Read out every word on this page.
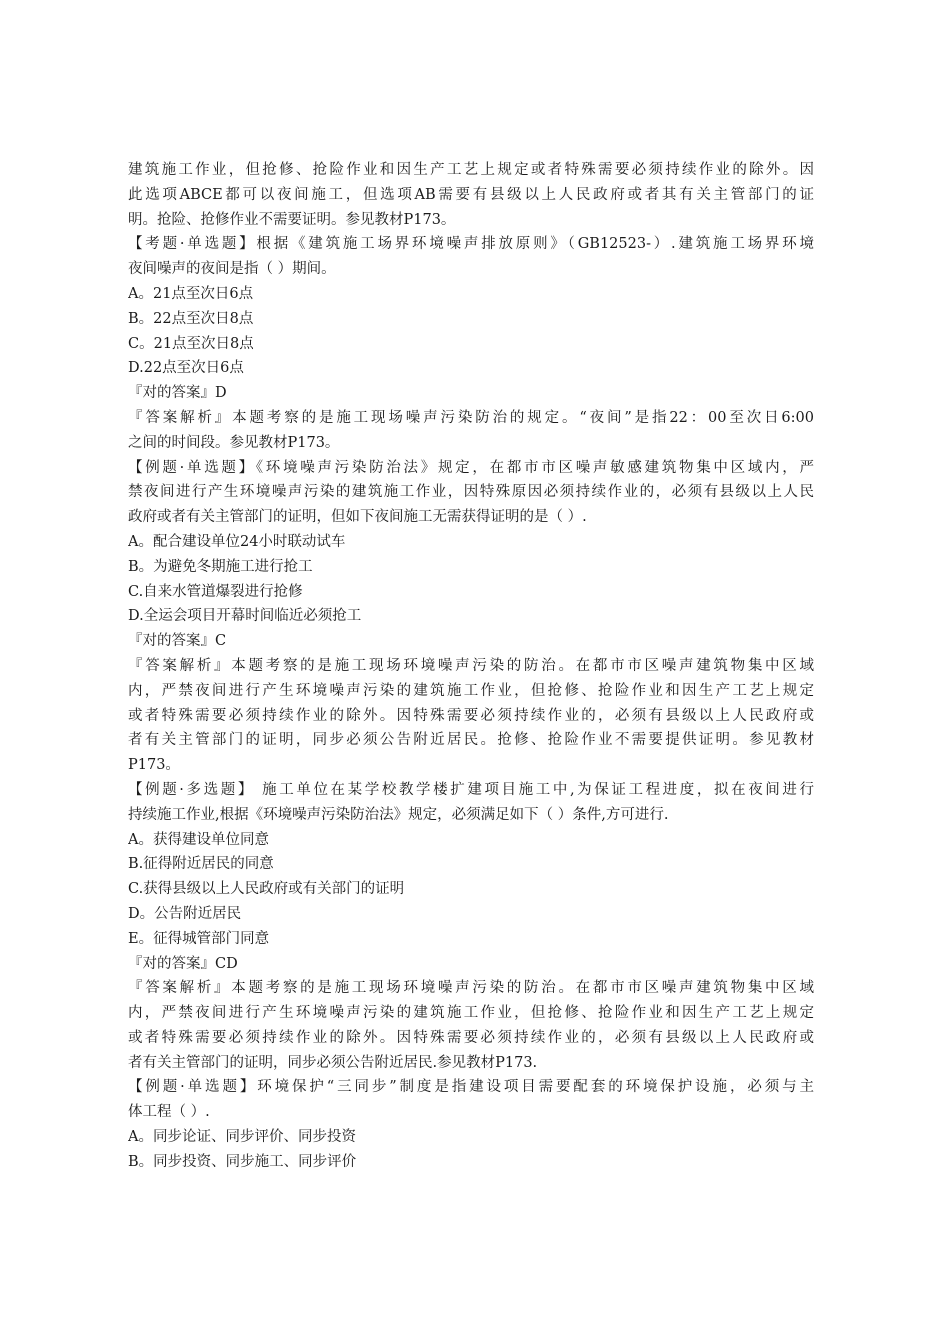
建筑施工作业，但抢修、抢险作业和因生产工艺上规定或者特殊需要必须持续作业的除外。因
此选项ABCE都可以夜间施工，但选项AB需要有县级以上人民政府或者其有关主管部门的证
明。抢险、抢修作业不需要证明。参见教材P173。
【考题·单选题】根据《建筑施工场界环境噪声排放原则》（GB12523-）.建筑施工场界环境
夜间噪声的夜间是指（ ）期间。
A。21点至次日6点
B。22点至次日8点
C。21点至次日8点
D.22点至次日6点
『对的答案』D
『答案解析』本题考察的是施工现场噪声污染防治的规定。“夜间”是指22：00至次日6:00
之间的时间段。参见教材P173。
【例题·单选题】《环境噪声污染防治法》规定，在都市市区噪声敏感建筑物集中区域内，严
禁夜间进行产生环境噪声污染的建筑施工作业，因特殊原因必须持续作业的，必须有县级以上人民
政府或者有关主管部门的证明，但如下夜间施工无需获得证明的是（ ）.
A。配合建设单位24小时联动试车
B。为避免冬期施工进行抢工
C.自来水管道爆裂进行抢修
D.全运会项目开幕时间临近必须抢工
『对的答案』C
『答案解析』本题考察的是施工现场环境噪声污染的防治。在都市市区噪声建筑物集中区域
内，严禁夜间进行产生环境噪声污染的建筑施工作业，但抢修、抢险作业和因生产工艺上规定
或者特殊需要必须持续作业的除外。因特殊需要必须持续作业的，必须有县级以上人民政府或
者有关主管部门的证明，同步必须公告附近居民。抢修、抢险作业不需要提供证明。参见教材
P173。
【例题·多选题】 施工单位在某学校教学楼扩建项目施工中,为保证工程进度，拟在夜间进行
持续施工作业,根据《环境噪声污染防治法》规定，必须满足如下（ ）条件,方可进行.
A。获得建设单位同意
B.征得附近居民的同意
C.获得县级以上人民政府或有关部门的证明
D。公告附近居民
E。征得城管部门同意
『对的答案』CD
『答案解析』本题考察的是施工现场环境噪声污染的防治。在都市市区噪声建筑物集中区域
内，严禁夜间进行产生环境噪声污染的建筑施工作业，但抢修、抢险作业和因生产工艺上规定
或者特殊需要必须持续作业的除外。因特殊需要必须持续作业的，必须有县级以上人民政府或
者有关主管部门的证明，同步必须公告附近居民.参见教材P173.
【例题·单选题】环境保护“三同步”制度是指建设项目需要配套的环境保护设施，必须与主
体工程（ ）.
A。同步论证、同步评价、同步投资
B。同步投资、同步施工、同步评价
